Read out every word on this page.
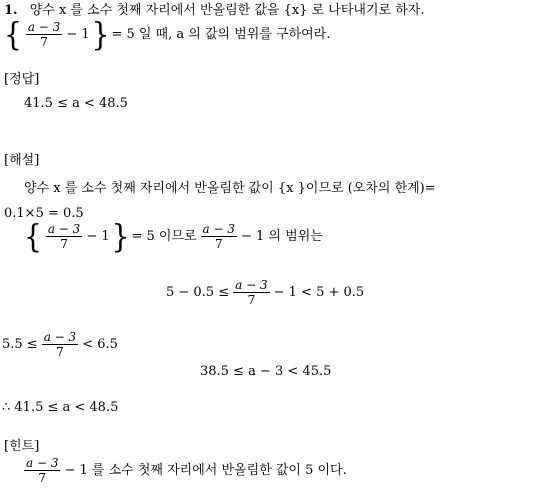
1. 양수 x 를 소수 첫째 자리에서 반올림한 값을 {x} 로 나타내기로 하자.
{ $\frac{a - 3}{7} - 1$ } = 5 일 때, a 의 값의 범위를 구하여라.
[정답]
41.5 ≤ a < 48.5
[해설]
양수 x 를 소수 첫째 자리에서 반올림한 값이 {x }이므로 (오차의 한계)=
0.1×5 = 0.5
{ $\frac{a - 3}{7} - 1$ } = 5 이므로 $\frac{a - 3}{7} - 1$ 의 범위는
$5 - 0.5 \le \frac{a - 3}{7} - 1 < 5 + 0.5$
$5.5 \le \frac{a - 3}{7} < 6.5$
38.5 ≤ a − 3 < 45.5
∴ 41.5 ≤ a < 48.5
[힌트]
$\frac{a - 3}{7} - 1$ 를 소수 첫째 자리에서 반올림한 값이 5 이다.
